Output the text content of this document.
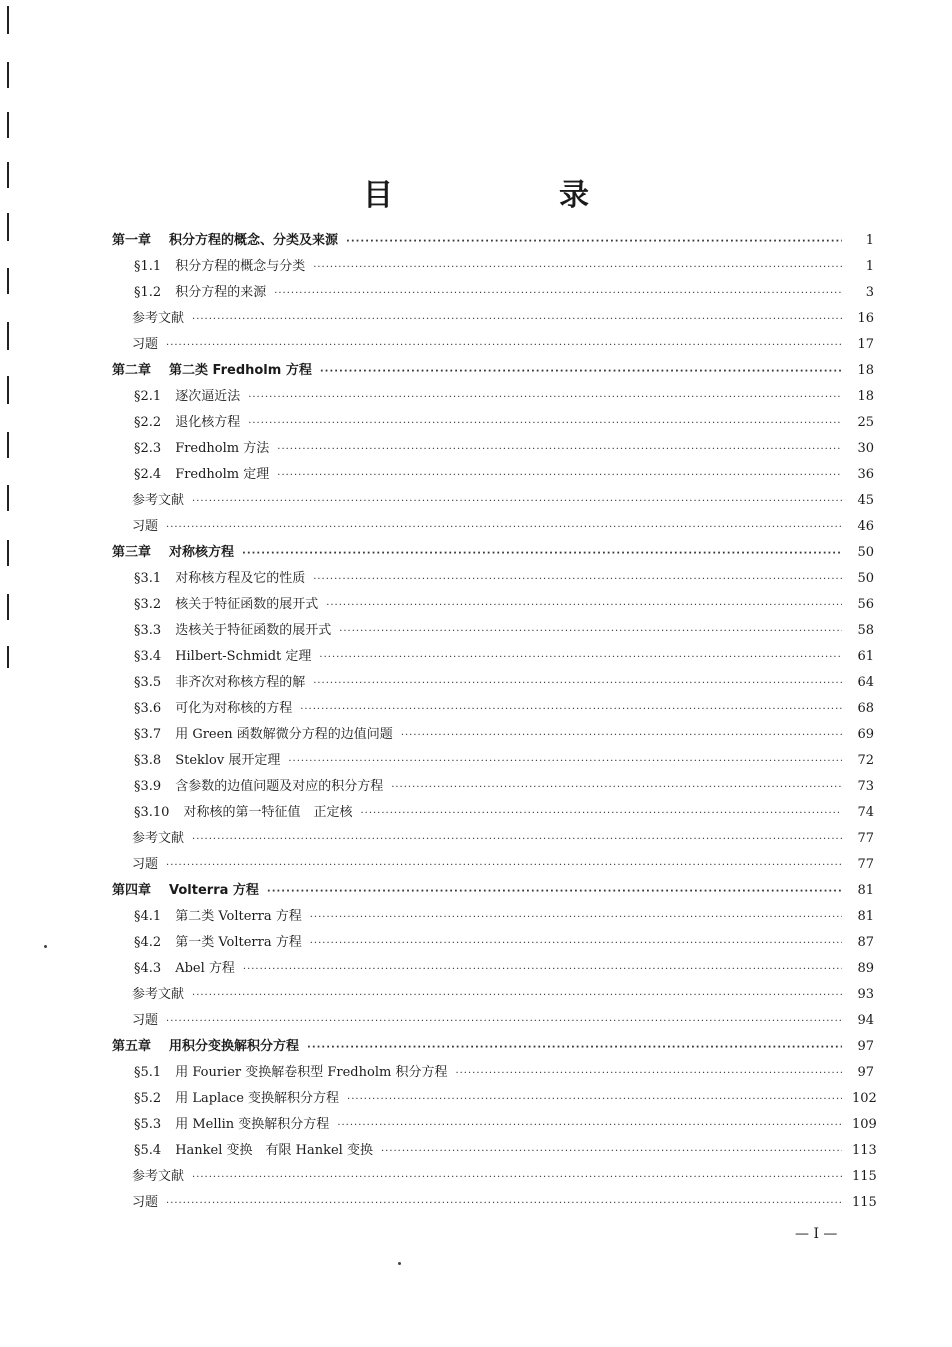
目　录
第一章 积分方程的概念、分类及来源 ·····	1
§1.1 积分方程的概念与分类 ·····	1
§1.2 积分方程的来源 ·····	3
参考文献 ·····	16
习题 ·····	17
第二章 第二类 Fredholm 方程 ·····	18
§2.1 逐次逼近法 ·····	18
§2.2 退化核方程 ·····	25
§2.3 Fredholm 方法 ·····	30
§2.4 Fredholm 定理 ·····	36
参考文献 ·····	45
习题 ·····	46
第三章 对称核方程 ·····	50
§3.1 对称核方程及它的性质 ·····	50
§3.2 核关于特征函数的展开式 ·····	56
§3.3 迭核关于特征函数的展开式 ·····	58
§3.4 Hilbert-Schmidt 定理 ·····	61
§3.5 非齐次对称核方程的解 ·····	64
§3.6 可化为对称核的方程 ·····	68
§3.7 用 Green 函数解微分方程的边值问题 ·····	69
§3.8 Steklov 展开定理 ·····	72
§3.9 含参数的边值问题及对应的积分方程 ·····	73
§3.10 对称核的第一特征值　正定核 ·····	74
参考文献 ·····	77
习题 ·····	77
第四章 Volterra 方程 ·····	81
§4.1 第二类 Volterra 方程 ·····	81
§4.2 第一类 Volterra 方程 ·····	87
§4.3 Abel 方程 ·····	89
参考文献 ·····	93
习题 ·····	94
第五章 用积分变换解积分方程 ·····	97
§5.1 用 Fourier 变换解卷积型 Fredholm 积分方程 ·····	97
§5.2 用 Laplace 变换解积分方程 ·····	102
§5.3 用 Mellin 变换解积分方程 ·····	109
§5.4 Hankel 变换　有限 Hankel 变换 ·····	113
参考文献 ·····	115
习题 ·····	115
— I —
